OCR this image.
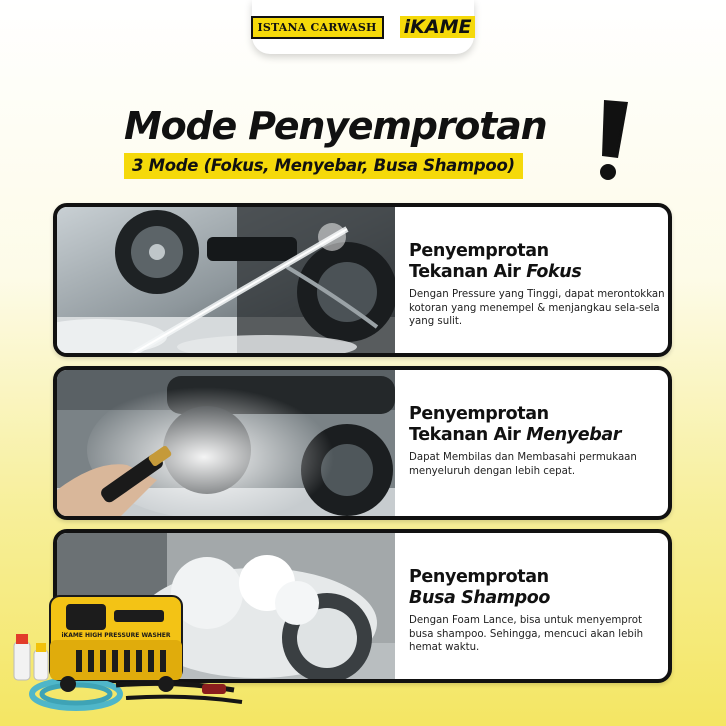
ISTANA CARWASH	iKAME
Mode Penyemprotan
3 Mode (Fokus, Menyebar, Busa Shampoo)
Penyemprotan
Tekanan Air Fokus
Dengan Pressure yang Tinggi, dapat merontokkan kotoran yang menempel & menjangkau sela-sela yang sulit.
Penyemprotan
Tekanan Air Menyebar
Dapat Membilas dan Membasahi permukaan menyeluruh dengan lebih cepat.
Penyemprotan
Busa Shampoo
Dengan Foam Lance, bisa untuk menyemprot busa shampoo. Sehingga, mencuci akan lebih hemat waktu.
iKAME HIGH PRESSURE WASHER
